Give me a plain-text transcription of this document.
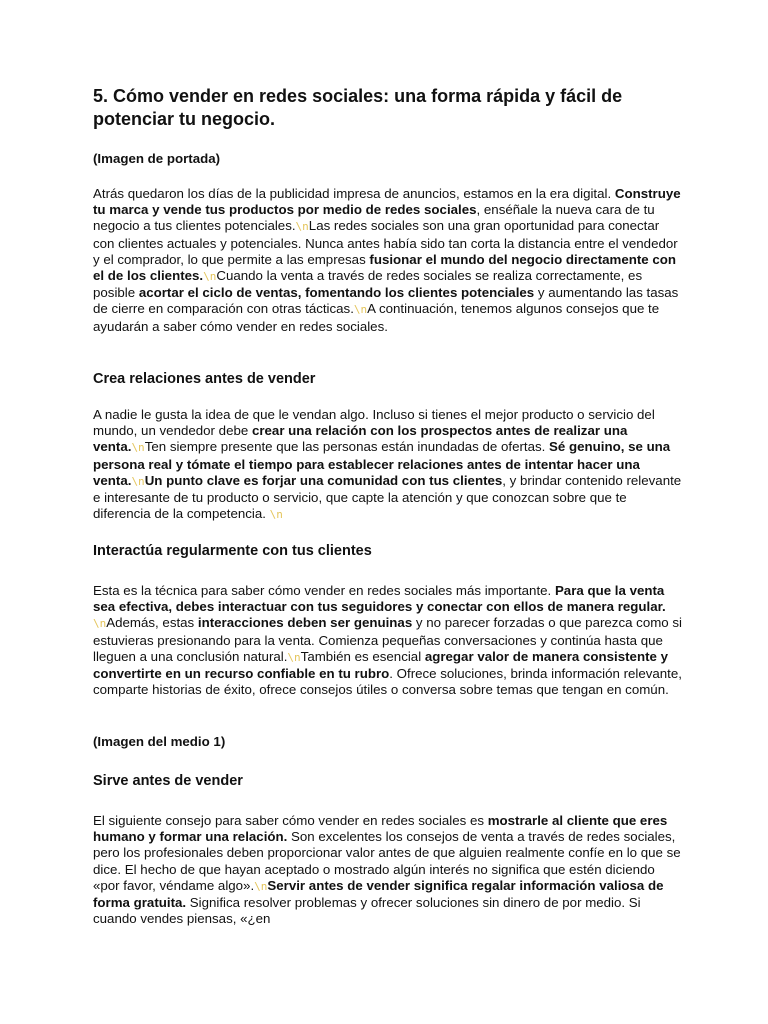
5. Cómo vender en redes sociales: una forma rápida y fácil de potenciar tu negocio.

(Imagen de portada)

Atrás quedaron los días de la publicidad impresa de anuncios, estamos en la era digital. Construye tu marca y vende tus productos por medio de redes sociales, enséñale la nueva cara de tu negocio a tus clientes potenciales.\nLas redes sociales son una gran oportunidad para conectar con clientes actuales y potenciales. Nunca antes había sido tan corta la distancia entre el vendedor y el comprador, lo que permite a las empresas fusionar el mundo del negocio directamente con el de los clientes.\nCuando la venta a través de redes sociales se realiza correctamente, es posible acortar el ciclo de ventas, fomentando los clientes potenciales y aumentando las tasas de cierre en comparación con otras tácticas.\nA continuación, tenemos algunos consejos que te ayudarán a saber cómo vender en redes sociales.

Crea relaciones antes de vender

A nadie le gusta la idea de que le vendan algo. Incluso si tienes el mejor producto o servicio del mundo, un vendedor debe crear una relación con los prospectos antes de realizar una venta.\nTen siempre presente que las personas están inundadas de ofertas. Sé genuino, se una persona real y tómate el tiempo para establecer relaciones antes de intentar hacer una venta.\nUn punto clave es forjar una comunidad con tus clientes, y brindar contenido relevante e interesante de tu producto o servicio, que capte la atención y que conozcan sobre que te diferencia de la competencia. \n

Interactúa regularmente con tus clientes

Esta es la técnica para saber cómo vender en redes sociales más importante. Para que la venta sea efectiva, debes interactuar con tus seguidores y conectar con ellos de manera regular. \nAdemás, estas interacciones deben ser genuinas y no parecer forzadas o que parezca como si estuvieras presionando para la venta. Comienza pequeñas conversaciones y continúa hasta que lleguen a una conclusión natural.\nTambién es esencial agregar valor de manera consistente y convertirte en un recurso confiable en tu rubro. Ofrece soluciones, brinda información relevante, comparte historias de éxito, ofrece consejos útiles o conversa sobre temas que tengan en común.

(Imagen del medio 1)

Sirve antes de vender

El siguiente consejo para saber cómo vender en redes sociales es mostrarle al cliente que eres humano y formar una relación. Son excelentes los consejos de venta a través de redes sociales, pero los profesionales deben proporcionar valor antes de que alguien realmente confíe en lo que se dice. El hecho de que hayan aceptado o mostrado algún interés no significa que estén diciendo «por favor, véndame algo».\nServir antes de vender significa regalar información valiosa de forma gratuita. Significa resolver problemas y ofrecer soluciones sin dinero de por medio. Si cuando vendes piensas, «¿en
